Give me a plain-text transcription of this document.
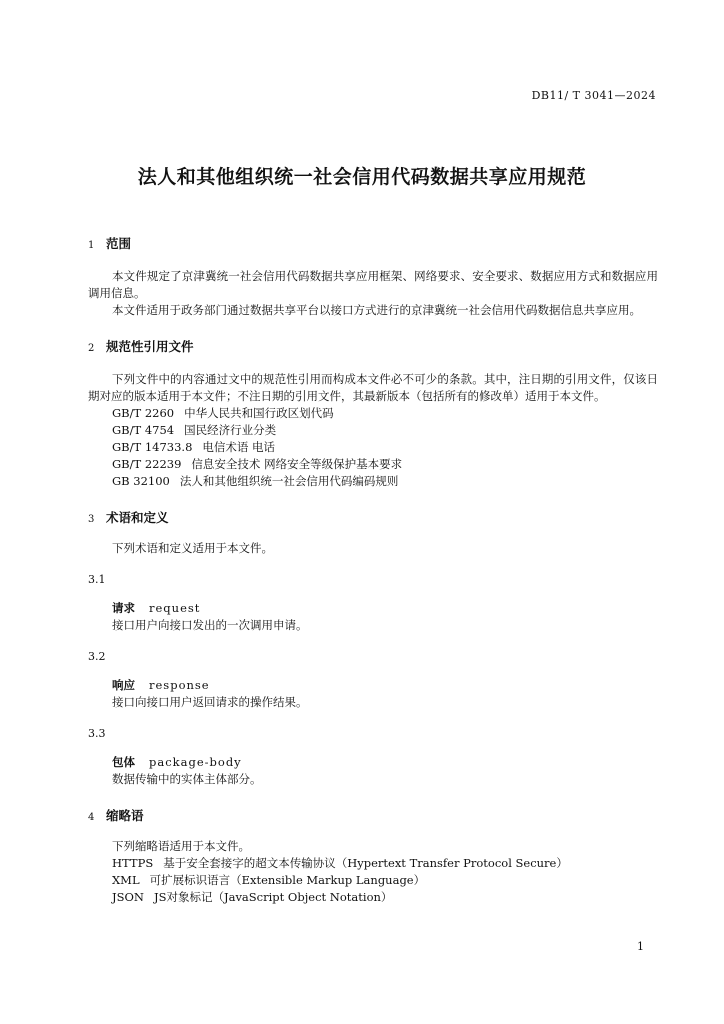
DB11/ T 3041—2024
法人和其他组织统一社会信用代码数据共享应用规范
1 范围

本文件规定了京津冀统一社会信用代码数据共享应用框架、网络要求、安全要求、数据应用方式和数据应用调用信息。

本文件适用于政务部门通过数据共享平台以接口方式进行的京津冀统一社会信用代码数据信息共享应用。

2 规范性引用文件

下列文件中的内容通过文中的规范性引用而构成本文件必不可少的条款。其中，注日期的引用文件，仅该日期对应的版本适用于本文件；不注日期的引用文件，其最新版本（包括所有的修改单）适用于本文件。

GB/T 2260 中华人民共和国行政区划代码
GB/T 4754 国民经济行业分类
GB/T 14733.8 电信术语 电话
GB/T 22239 信息安全技术 网络安全等级保护基本要求
GB 32100 法人和其他组织统一社会信用代码编码规则
3 术语和定义

下列术语和定义适用于本文件。

3.1
请求 request
接口用户向接口发出的一次调用申请。
3.2
响应 response
接口向接口用户返回请求的操作结果。
3.3
包体 package-body
数据传输中的实体主体部分。
4 缩略语
下列缩略语适用于本文件。
HTTPS 基于安全套接字的超文本传输协议（Hypertext Transfer Protocol Secure）
XML 可扩展标识语言（Extensible Markup Language）
JSON JS对象标记（JavaScript Object Notation）
1
